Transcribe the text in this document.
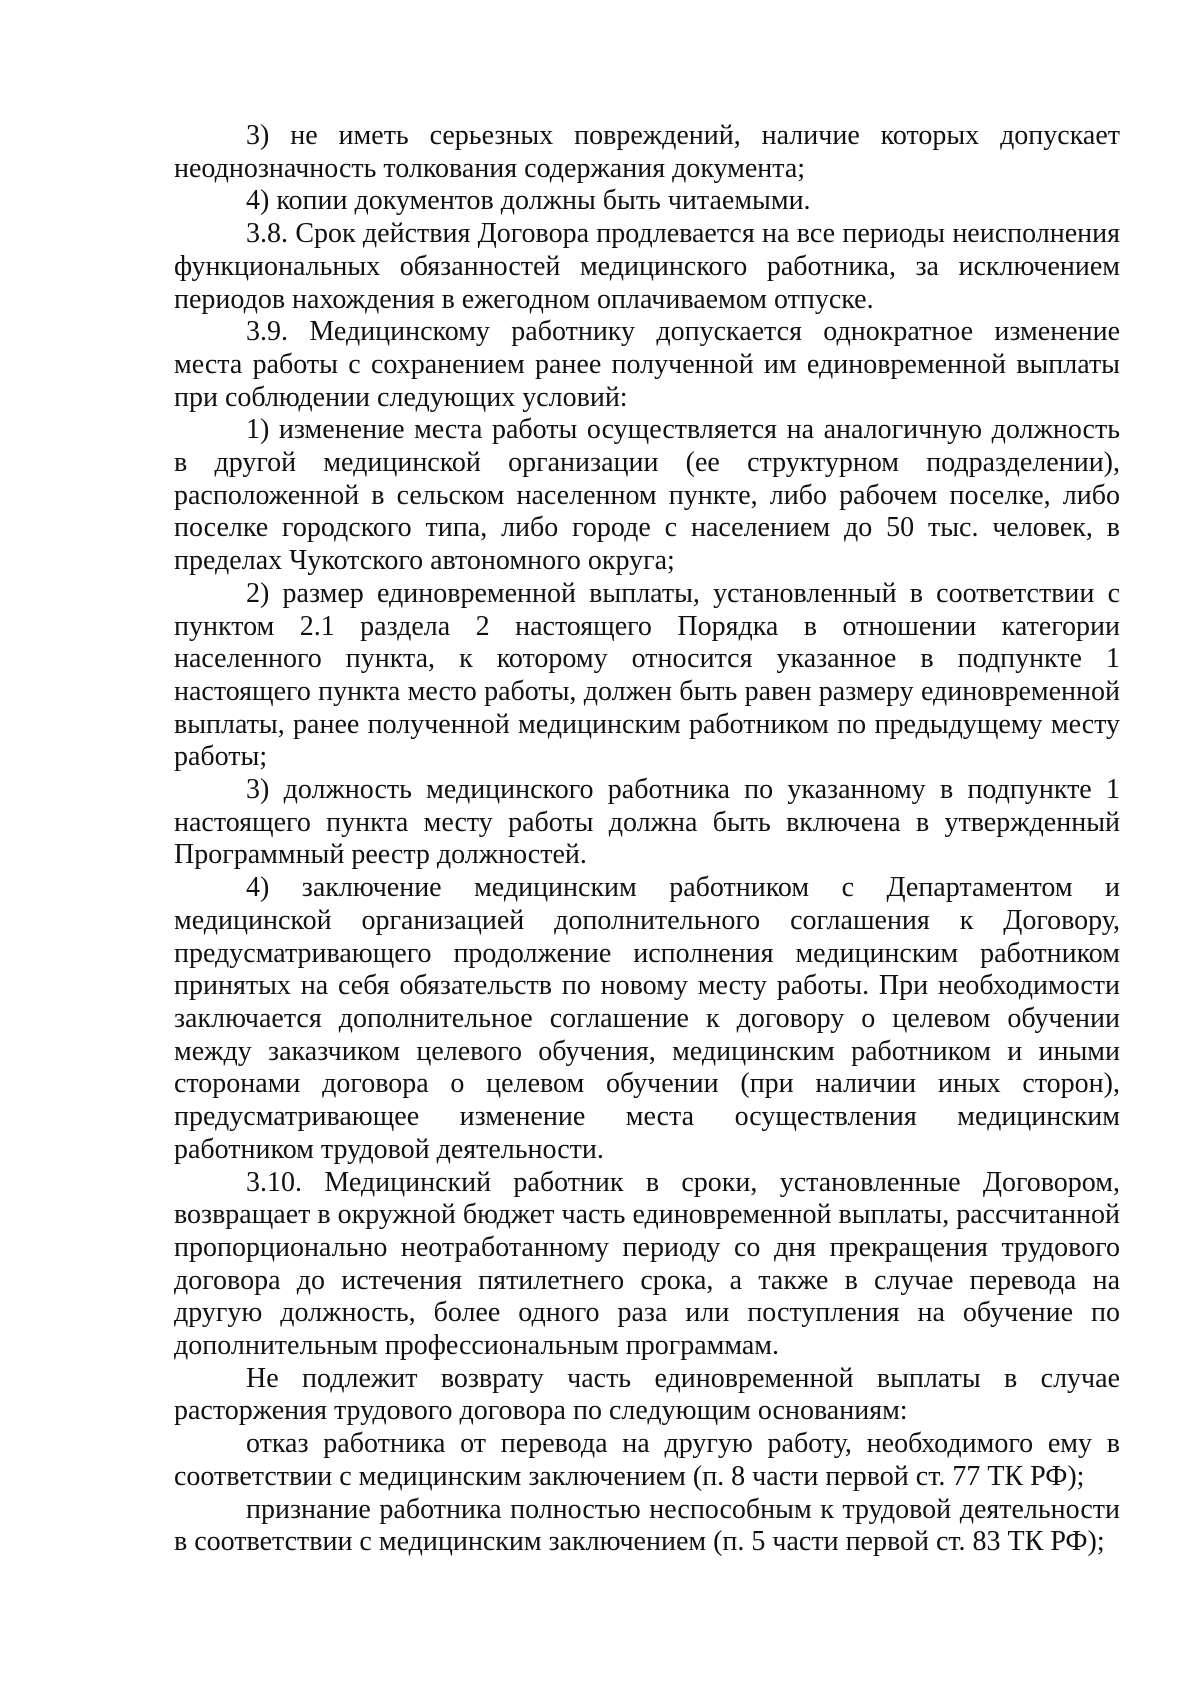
3) не иметь серьезных повреждений, наличие которых допускает неоднозначность толкования содержания документа;

4) копии документов должны быть читаемыми.

3.8. Срок действия Договора продлевается на все периоды неисполнения функциональных обязанностей медицинского работника, за исключением периодов нахождения в ежегодном оплачиваемом отпуске.

3.9. Медицинскому работнику допускается однократное изменение места работы с сохранением ранее полученной им единовременной выплаты при соблюдении следующих условий:

1) изменение места работы осуществляется на аналогичную должность в другой медицинской организации (ее структурном подразделении), расположенной в сельском населенном пункте, либо рабочем поселке, либо поселке городского типа, либо городе с населением до 50 тыс. человек, в пределах Чукотского автономного округа;

2) размер единовременной выплаты, установленный в соответствии с пунктом 2.1 раздела 2 настоящего Порядка в отношении категории населенного пункта, к которому относится указанное в подпункте 1 настоящего пункта место работы, должен быть равен размеру единовременной выплаты, ранее полученной медицинским работником по предыдущему месту работы;

3) должность медицинского работника по указанному в подпункте 1 настоящего пункта месту работы должна быть включена в утвержденный Программный реестр должностей.

4) заключение медицинским работником с Департаментом и медицинской организацией дополнительного соглашения к Договору, предусматривающего продолжение исполнения медицинским работником принятых на себя обязательств по новому месту работы. При необходимости заключается дополнительное соглашение к договору о целевом обучении между заказчиком целевого обучения, медицинским работником и иными сторонами договора о целевом обучении (при наличии иных сторон), предусматривающее изменение места осуществления медицинским работником трудовой деятельности.

3.10. Медицинский работник в сроки, установленные Договором, возвращает в окружной бюджет часть единовременной выплаты, рассчитанной пропорционально неотработанному периоду со дня прекращения трудового договора до истечения пятилетнего срока, а также в случае перевода на другую должность, более одного раза или поступления на обучение по дополнительным профессиональным программам.

Не подлежит возврату часть единовременной выплаты в случае расторжения трудового договора по следующим основаниям:

отказ работника от перевода на другую работу, необходимого ему в соответствии с медицинским заключением (п. 8 части первой ст. 77 ТК РФ);

признание работника полностью неспособным к трудовой деятельности в соответствии с медицинским заключением (п. 5 части первой ст. 83 ТК РФ);
